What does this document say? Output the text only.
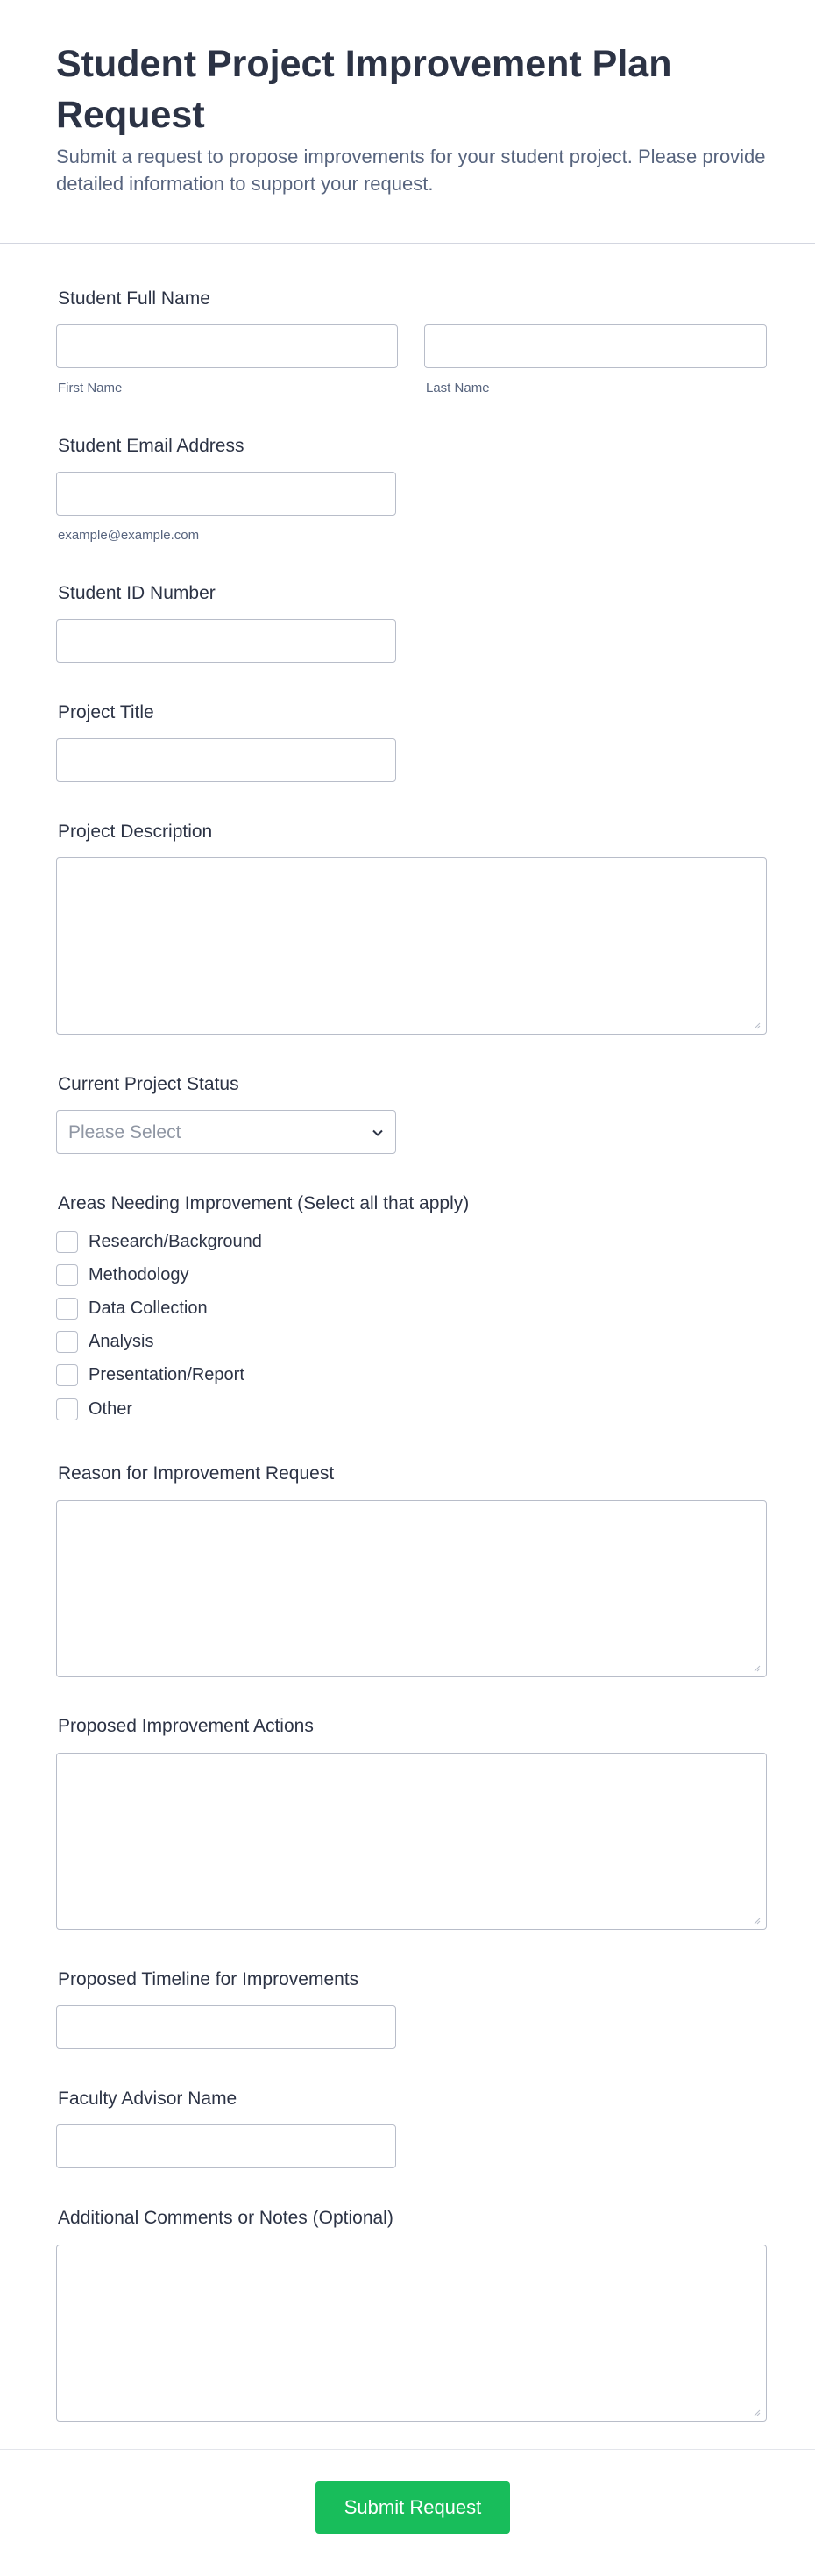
Student Project Improvement Plan Request

Submit a request to propose improvements for your student project. Please provide detailed information to support your request.

Student Full Name
First Name	Last Name
Student Email Address
example@example.com
Student ID Number
Project Title
Project Description
Current Project Status
Please Select
Areas Needing Improvement (Select all that apply)
Research/Background
Methodology
Data Collection
Analysis
Presentation/Report
Other
Reason for Improvement Request
Proposed Improvement Actions
Proposed Timeline for Improvements
Faculty Advisor Name
Additional Comments or Notes (Optional)
Submit Request
